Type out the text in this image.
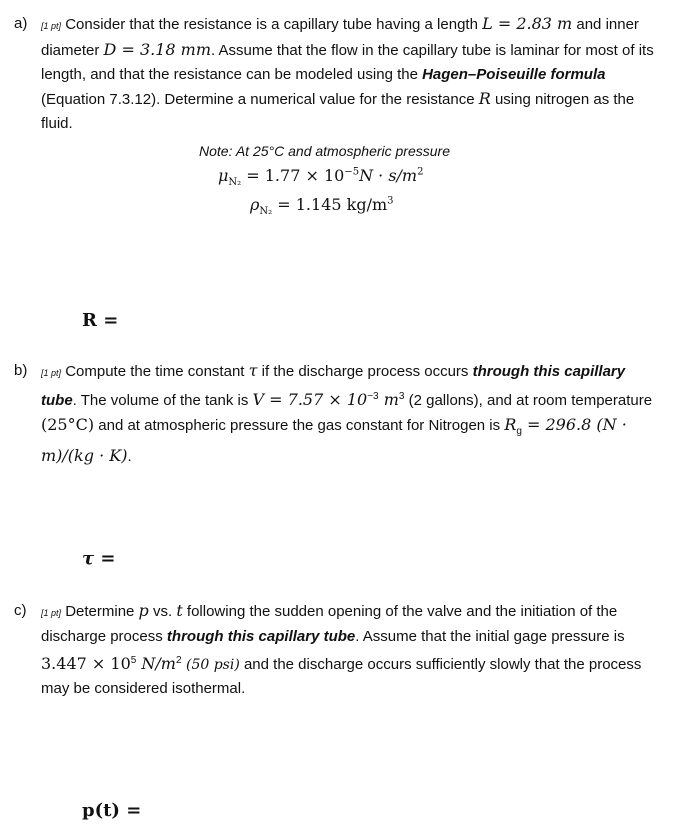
a) [1 pt] Consider that the resistance is a capillary tube having a length L = 2.83 m and inner diameter D = 3.18 mm. Assume that the flow in the capillary tube is laminar for most of its length, and that the resistance can be modeled using the Hagen–Poiseuille formula (Equation 7.3.12). Determine a numerical value for the resistance R using nitrogen as the fluid.
Note: At 25°C and atmospheric pressure
$\mu_{N_2} = 1.77 \times 10^{-5}N \cdot s/m^2$
$\rho_{N_2} = 1.145$ $kg/m^3$
R =
b) [1 pt] Compute the time constant τ if the discharge process occurs through this capillary tube. The volume of the tank is $V = 7.57 \times 10^{-3}$ $m^3$ (2 gallons), and at room temperature (25°C) and at atmospheric pressure the gas constant for Nitrogen is $R_g = 296.8$ (N · m)/(kg · K).
τ =
c) [1 pt] Determine p vs. t following the sudden opening of the valve and the initiation of the discharge process through this capillary tube. Assume that the initial gage pressure is $3.447 \times 10^5$ $N/m^2$ (50 psi) and the discharge occurs sufficiently slowly that the process may be considered isothermal.
p(t) =
